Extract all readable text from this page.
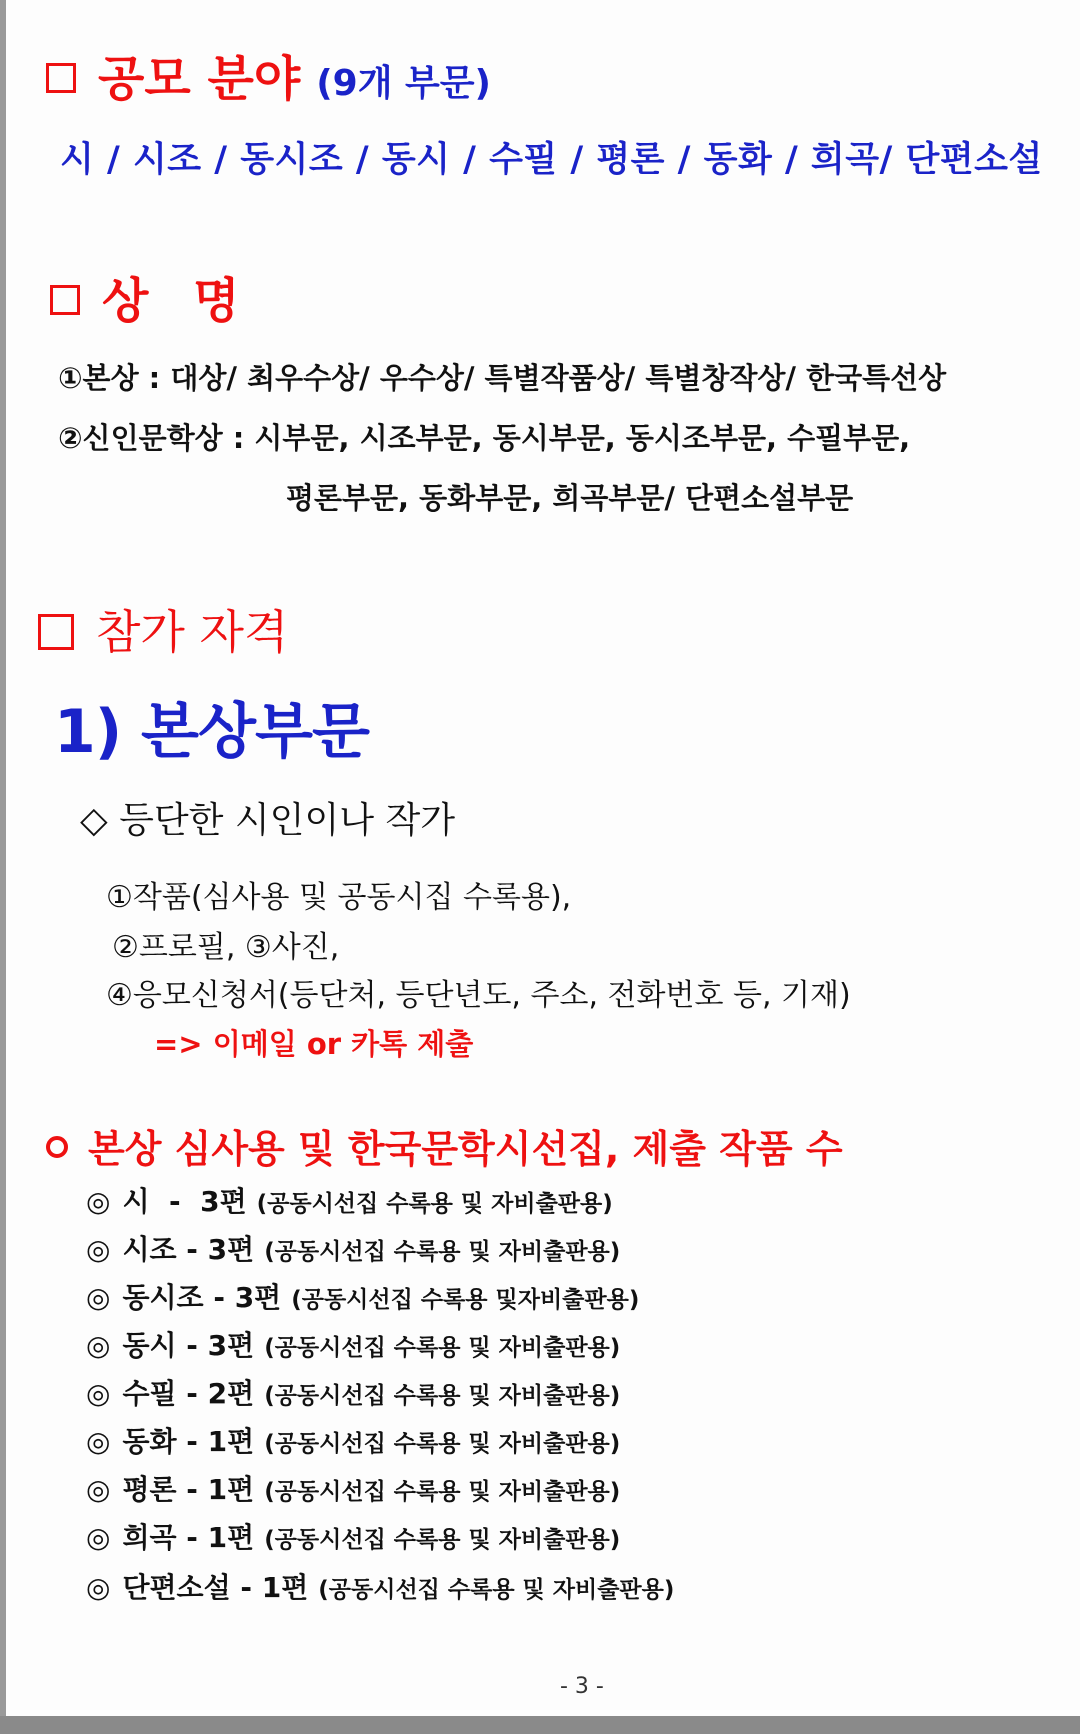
공모 분야 (9개 부문)
시 / 시조 / 동시조 / 동시 / 수필 / 평론 / 동화 / 희곡/ 단편소설
상 명
①본상 : 대상/ 최우수상/ 우수상/ 특별작품상/ 특별창작상/ 한국특선상
②신인문학상 : 시부문, 시조부문, 동시부문, 동시조부문, 수필부문,
평론부문, 동화부문, 희곡부문/ 단편소설부문
참가 자격
1) 본상부문
◇ 등단한 시인이나 작가
①작품(심사용 및 공동시집 수록용),
②프로필, ③사진,
④응모신청서(등단처, 등단년도, 주소, 전화번호 등, 기재)
=> 이메일 or 카톡 제출
본상 심사용 및 한국문학시선집, 제출 작품 수
◎ 시  -  3편 (공동시선집 수록용 및 자비출판용)
◎ 시조 - 3편 (공동시선집 수록용 및 자비출판용)
◎ 동시조 - 3편 (공동시선집 수록용 및자비출판용)
◎ 동시 - 3편 (공동시선집 수록용 및 자비출판용)
◎ 수필 - 2편 (공동시선집 수록용 및 자비출판용)
◎ 동화 - 1편 (공동시선집 수록용 및 자비출판용)
◎ 평론 - 1편 (공동시선집 수록용 및 자비출판용)
◎ 희곡 - 1편 (공동시선집 수록용 및 자비출판용)
◎ 단편소설 - 1편 (공동시선집 수록용 및 자비출판용)
- 3 -
